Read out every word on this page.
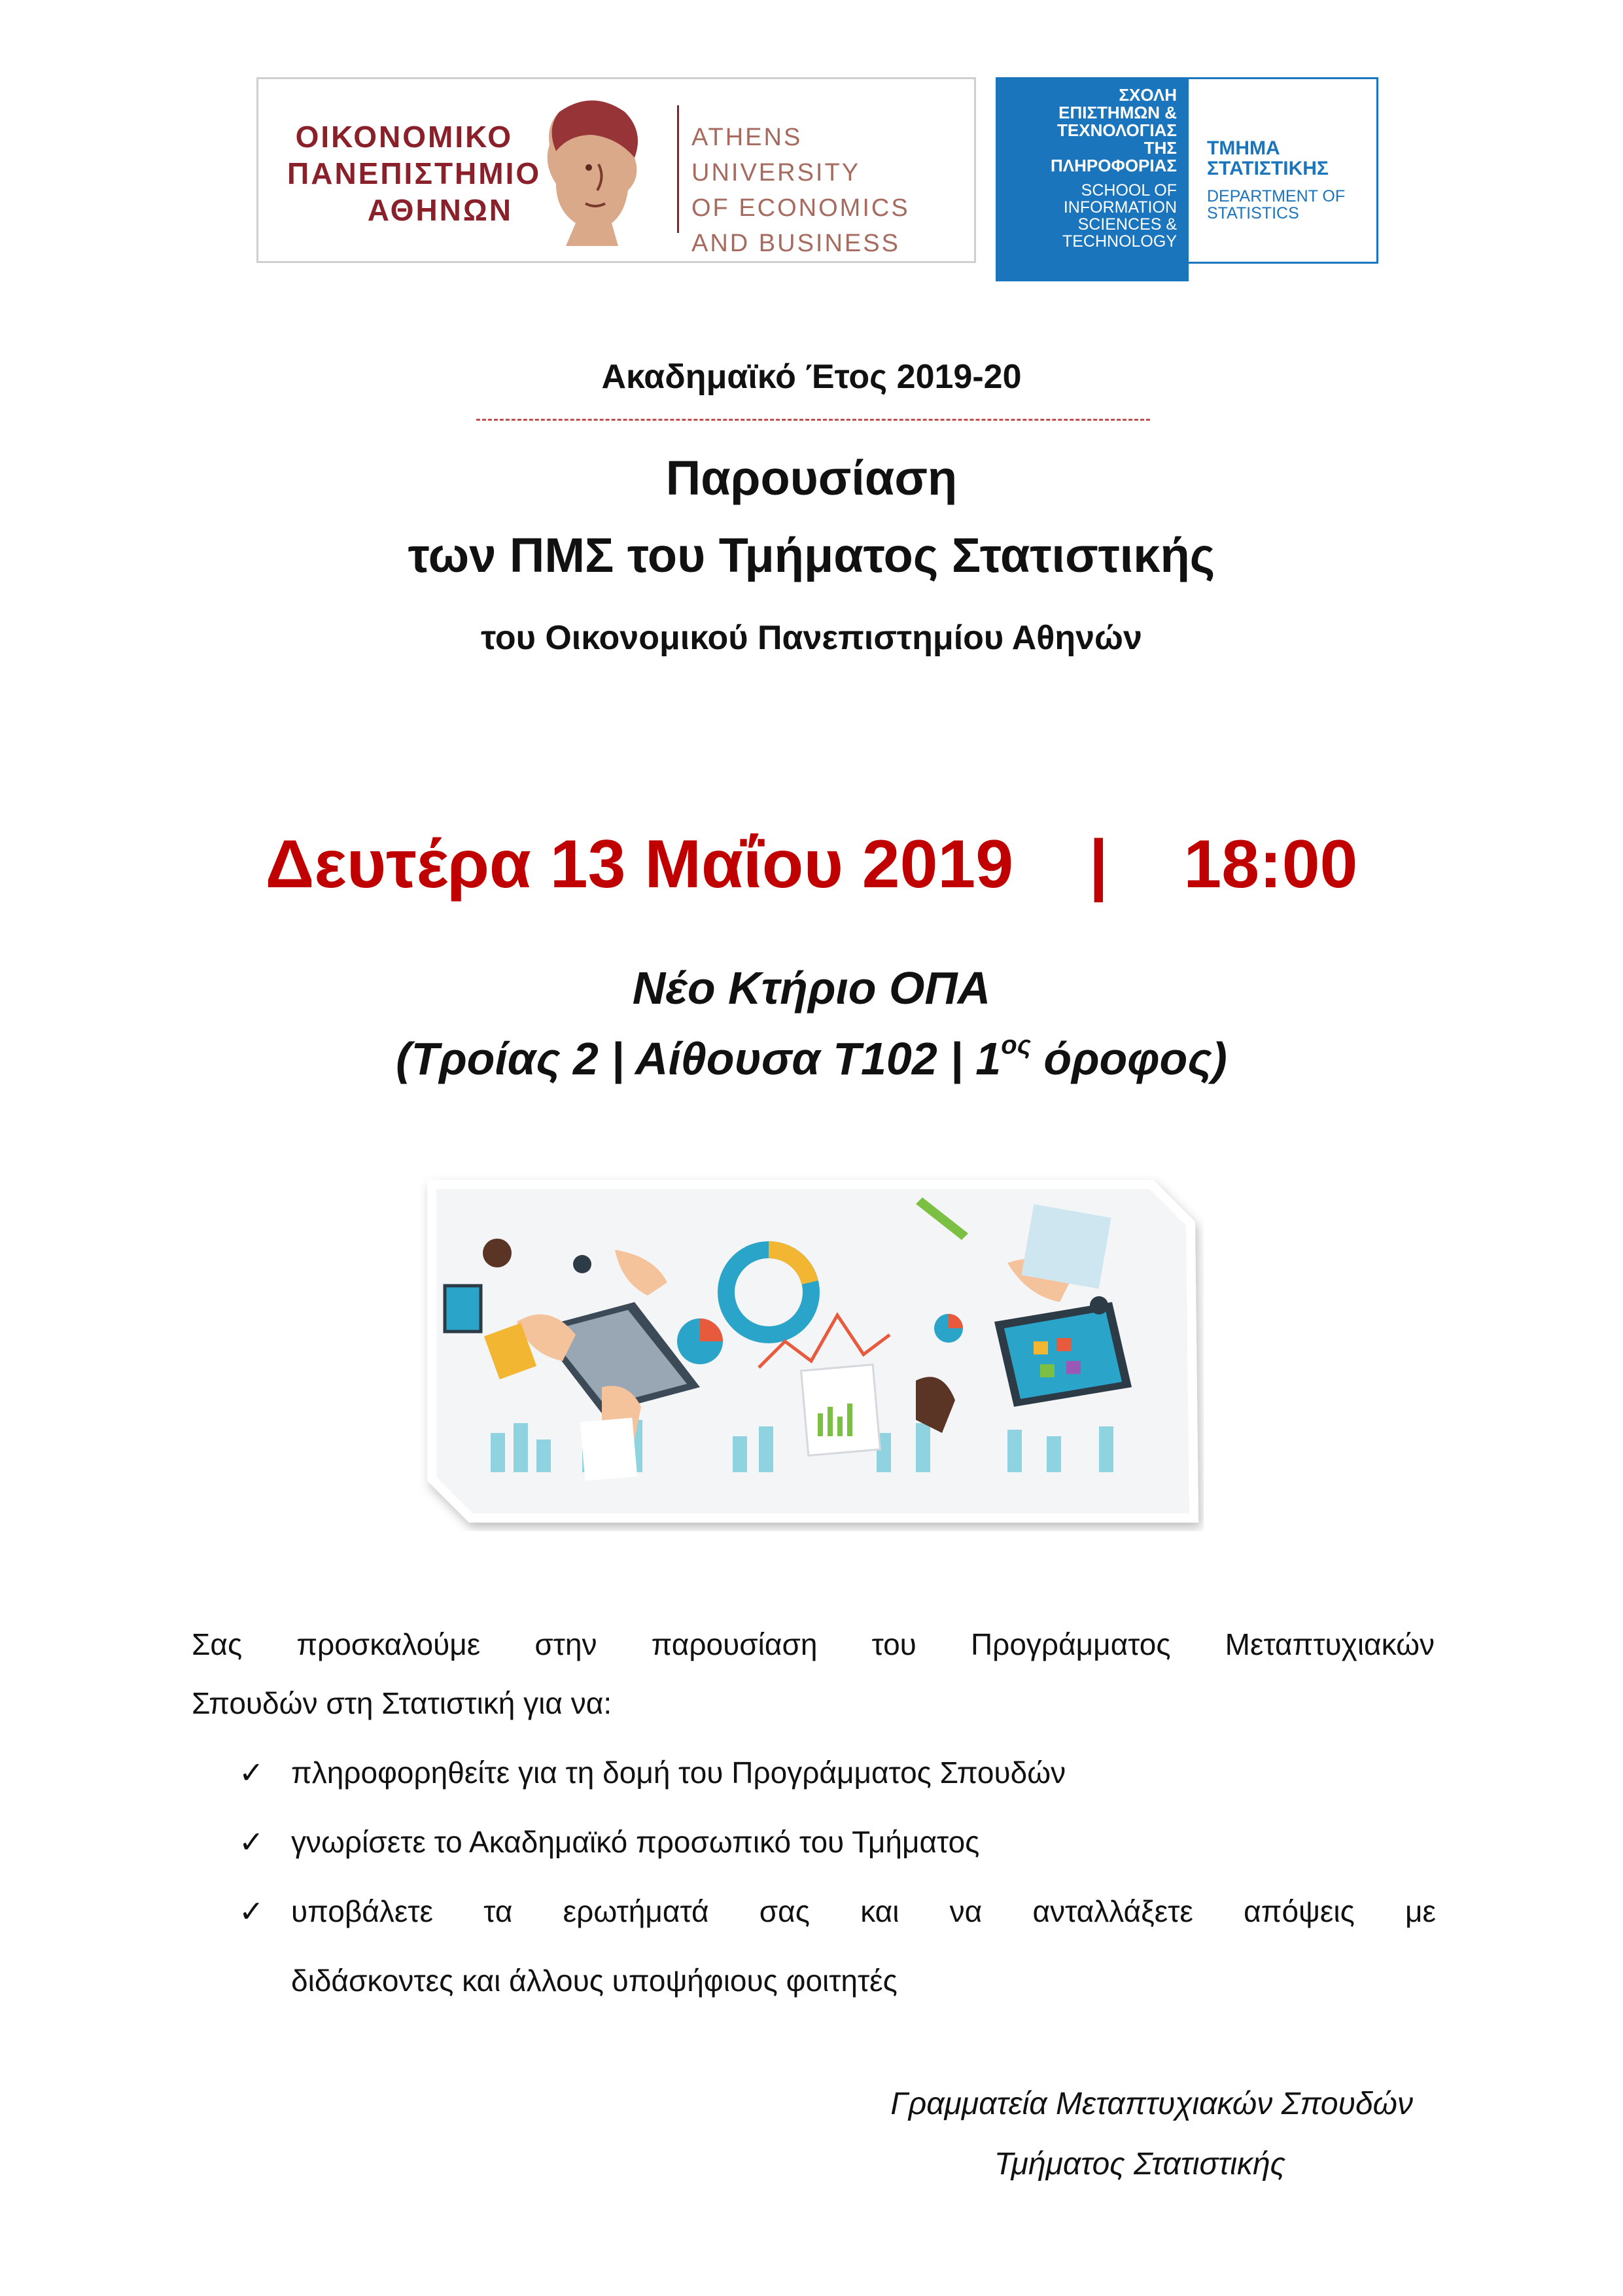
ΟΙΚΟΝΟΜΙΚΟ
ΠΑΝΕΠΙΣΤΗΜΙΟ
ΑΘΗΝΩΝ
ATHENS UNIVERSITY
OF ECONOMICS
AND BUSINESS
ΣΧΟΛΗ
ΕΠΙΣΤΗΜΩΝ &
ΤΕΧΝΟΛΟΓΙΑΣ
ΤΗΣ
ΠΛΗΡΟΦΟΡΙΑΣ
SCHOOL OF
INFORMATION
SCIENCES &
TECHNOLOGY
ΤΜΗΜΑ
ΣΤΑΤΙΣΤΙΚΗΣ
DEPARTMENT OF
STATISTICS
Ακαδημαϊκό Έτος 2019-20
Παρουσίαση
των ΠΜΣ του Τμήματος Στατιστικής
του Οικονομικού Πανεπιστημίου Αθηνών
Δευτέρα 13 Μαΐου 2019 | 18:00
Νέο Κτήριο ΟΠΑ
(Τροίας 2 | Αίθουσα Τ102 | $1^{o\varsigma}$ όροφος)
Σας προσκαλούμε στην παρουσίαση του Προγράμματος Μεταπτυχιακών
Σπουδών στη Στατιστική για να:
✓ πληροφορηθείτε για τη δομή του Προγράμματος Σπουδών
✓ γνωρίσετε το Ακαδημαϊκό προσωπικό του Τμήματος
✓ υποβάλετε τα ερωτήματά σας και να ανταλλάξετε απόψεις με
διδάσκοντες και άλλους υποψήφιους φοιτητές
Γραμματεία Μεταπτυχιακών Σπουδών
Τμήματος Στατιστικής
